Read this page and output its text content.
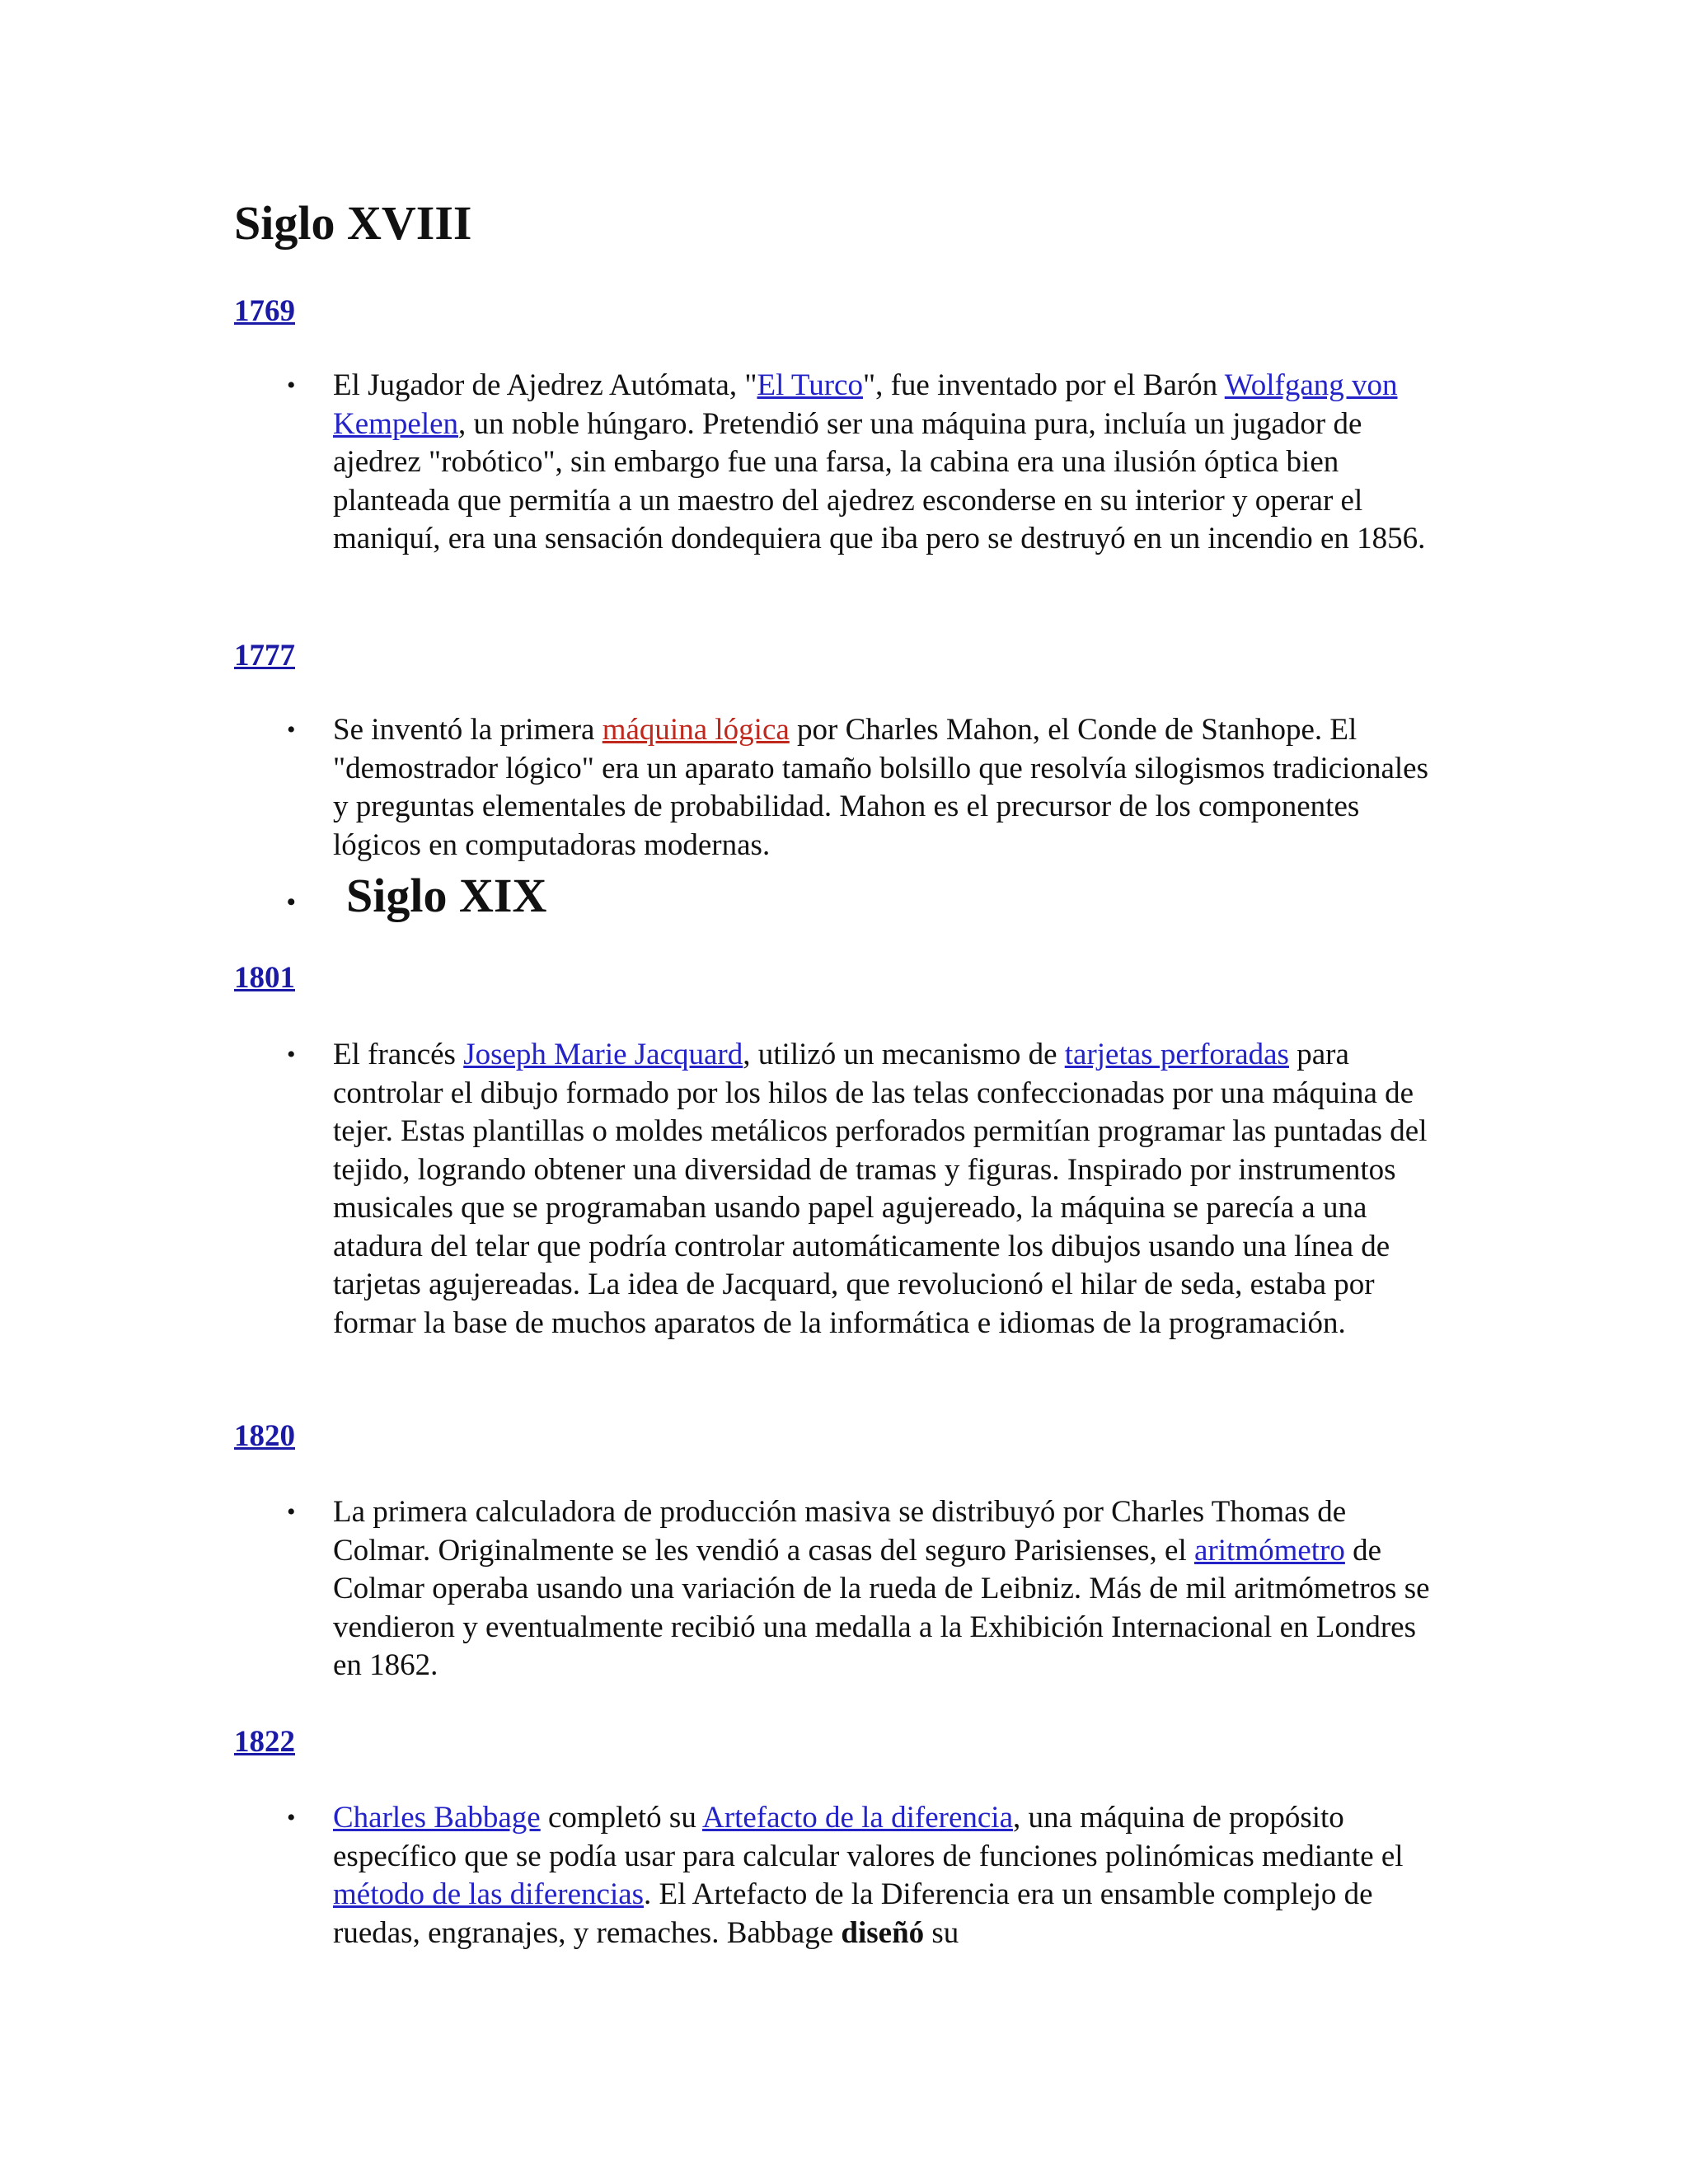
Siglo XVIII
1769

• El Jugador de Ajedrez Autómata, "El Turco", fue inventado por el Barón Wolfgang von Kempelen, un noble húngaro. Pretendió ser una máquina pura, incluía un jugador de ajedrez "robótico", sin embargo fue una farsa, la cabina era una ilusión óptica bien planteada que permitía a un maestro del ajedrez esconderse en su interior y operar el maniquí, era una sensación dondequiera que iba pero se destruyó en un incendio en 1856.

1777

• Se inventó la primera máquina lógica por Charles Mahon, el Conde de Stanhope. El "demostrador lógico" era un aparato tamaño bolsillo que resolvía silogismos tradicionales y preguntas elementales de probabilidad. Mahon es el precursor de los componentes lógicos en computadoras modernas.

• Siglo XIX
1801

• El francés Joseph Marie Jacquard, utilizó un mecanismo de tarjetas perforadas para controlar el dibujo formado por los hilos de las telas confeccionadas por una máquina de tejer. Estas plantillas o moldes metálicos perforados permitían programar las puntadas del tejido, logrando obtener una diversidad de tramas y figuras. Inspirado por instrumentos musicales que se programaban usando papel agujereado, la máquina se parecía a una atadura del telar que podría controlar automáticamente los dibujos usando una línea de tarjetas agujereadas. La idea de Jacquard, que revolucionó el hilar de seda, estaba por formar la base de muchos aparatos de la informática e idiomas de la programación.

1820

• La primera calculadora de producción masiva se distribuyó por Charles Thomas de Colmar. Originalmente se les vendió a casas del seguro Parisienses, el aritmómetro de Colmar operaba usando una variación de la rueda de Leibniz. Más de mil aritmómetros se vendieron y eventualmente recibió una medalla a la Exhibición Internacional en Londres en 1862.

1822

• Charles Babbage completó su Artefacto de la diferencia, una máquina de propósito específico que se podía usar para calcular valores de funciones polinómicas mediante el método de las diferencias. El Artefacto de la Diferencia era un ensamble complejo de ruedas, engranajes, y remaches. Babbage diseñó su
